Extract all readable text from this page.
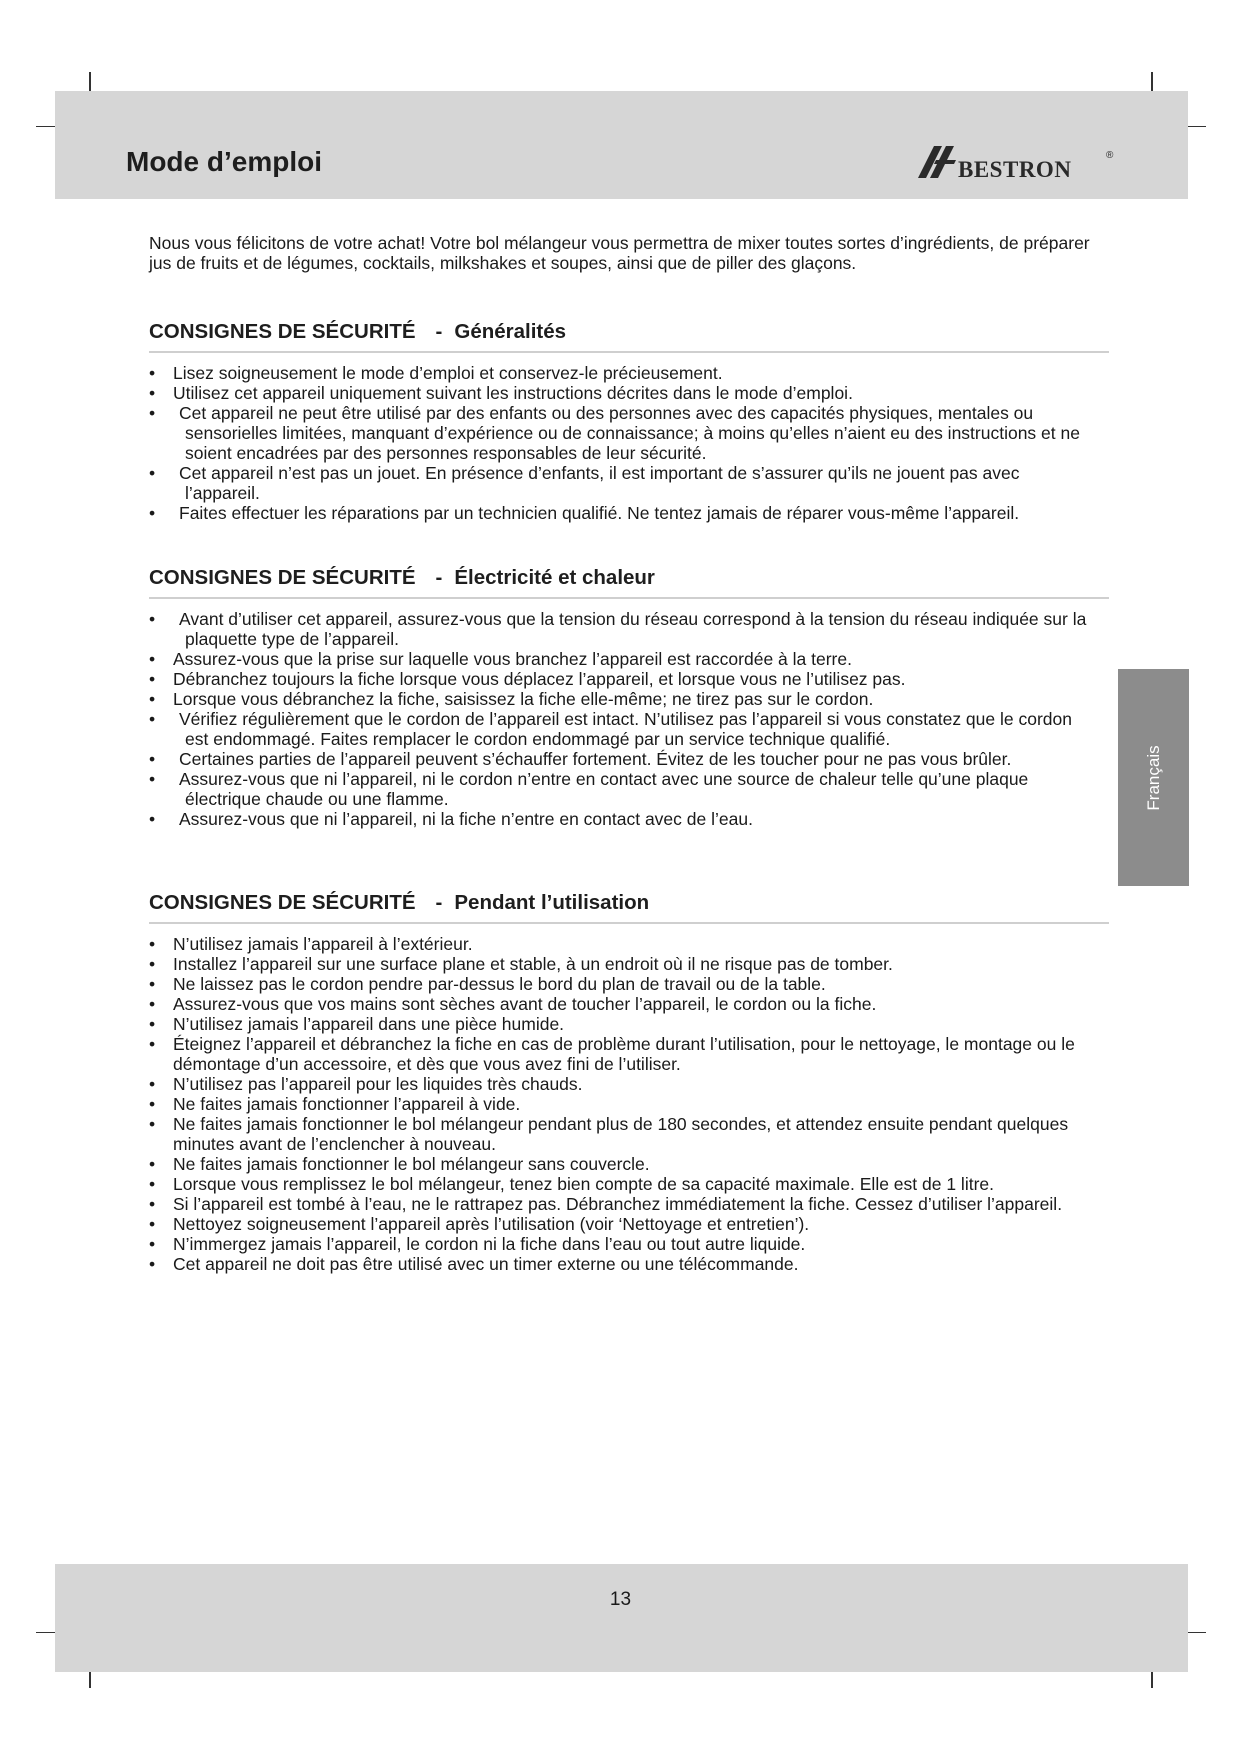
Mode d’emploi	bestron	®

Nous vous félicitons de votre achat! Votre bol mélangeur vous permettra de mixer toutes sortes d’ingrédients, de préparer jus de fruits et de légumes, cocktails, milkshakes et soupes, ainsi que de piller des glaçons.

CONSIGNES DE SÉCURITÉ - Généralités
• Lisez soigneusement le mode d’emploi et conservez-le précieusement.
• Utilisez cet appareil uniquement suivant les instructions décrites dans le mode d’emploi.
• Cet appareil ne peut être utilisé par des enfants ou des personnes avec des capacités physiques, mentales ou sensorielles limitées, manquant d’expérience ou de connaissance; à moins qu’elles n’aient eu des instructions et ne soient encadrées par des personnes responsables de leur sécurité.
• Cet appareil n’est pas un jouet. En présence d’enfants, il est important de s’assurer qu’ils ne jouent pas avec l’appareil.
• Faites effectuer les réparations par un technicien qualifié. Ne tentez jamais de réparer vous-même l’appareil.
CONSIGNES DE SÉCURITÉ - Électricité et chaleur
• Avant d’utiliser cet appareil, assurez-vous que la tension du réseau correspond à la tension du réseau indiquée sur la plaquette type de l’appareil.
• Assurez-vous que la prise sur laquelle vous branchez l’appareil est raccordée à la terre.
• Débranchez toujours la fiche lorsque vous déplacez l’appareil, et lorsque vous ne l’utilisez pas.
• Lorsque vous débranchez la fiche, saisissez la fiche elle-même; ne tirez pas sur le cordon.
• Vérifiez régulièrement que le cordon de l’appareil est intact. N’utilisez pas l’appareil si vous constatez que le cordon est endommagé. Faites remplacer le cordon endommagé par un service technique qualifié.
• Certaines parties de l’appareil peuvent s’échauffer fortement. Évitez de les toucher pour ne pas vous brûler.
• Assurez-vous que ni l’appareil, ni le cordon n’entre en contact avec une source de chaleur telle qu’une plaque électrique chaude ou une flamme.
• Assurez-vous que ni l’appareil, ni la fiche n’entre en contact avec de l’eau.
CONSIGNES DE SÉCURITÉ - Pendant l’utilisation
• N’utilisez jamais l’appareil à l’extérieur.
• Installez l’appareil sur une surface plane et stable, à un endroit où il ne risque pas de tomber.
• Ne laissez pas le cordon pendre par-dessus le bord du plan de travail ou de la table.
• Assurez-vous que vos mains sont sèches avant de toucher l’appareil, le cordon ou la fiche.
• N’utilisez jamais l’appareil dans une pièce humide.
• Éteignez l’appareil et débranchez la fiche en cas de problème durant l’utilisation, pour le nettoyage, le montage ou le démontage d’un accessoire, et dès que vous avez fini de l’utiliser.
• N’utilisez pas l’appareil pour les liquides très chauds.
• Ne faites jamais fonctionner l’appareil à vide.
• Ne faites jamais fonctionner le bol mélangeur pendant plus de 180 secondes, et attendez ensuite pendant quelques minutes avant de l’enclencher à nouveau.
• Ne faites jamais fonctionner le bol mélangeur sans couvercle.
• Lorsque vous remplissez le bol mélangeur, tenez bien compte de sa capacité maximale. Elle est de 1 litre.
• Si l’appareil est tombé à l’eau, ne le rattrapez pas. Débranchez immédiatement la fiche. Cessez d’utiliser l’appareil.
• Nettoyez soigneusement l’appareil après l’utilisation (voir ‘Nettoyage et entretien’).
• N’immergez jamais l’appareil, le cordon ni la fiche dans l’eau ou tout autre liquide.
• Cet appareil ne doit pas être utilisé avec un timer externe ou une télécommande.
Français
13
